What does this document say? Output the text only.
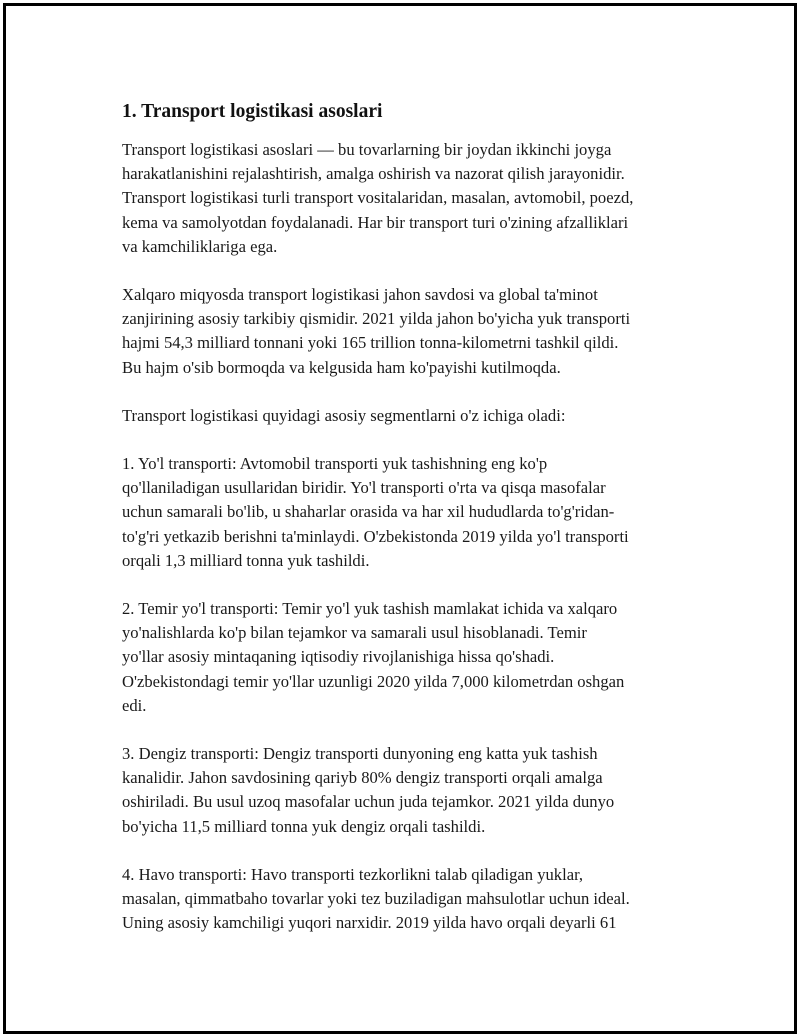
1. Transport logistikasi asoslari

Transport logistikasi asoslari — bu tovarlarning bir joydan ikkinchi joyga
harakatlanishini rejalashtirish, amalga oshirish va nazorat qilish jarayonidir.
Transport logistikasi turli transport vositalaridan, masalan, avtomobil, poezd,
kema va samolyotdan foydalanadi. Har bir transport turi o'zining afzalliklari
va kamchiliklariga ega.

Xalqaro miqyosda transport logistikasi jahon savdosi va global ta'minot
zanjirining asosiy tarkibiy qismidir. 2021 yilda jahon bo'yicha yuk transporti
hajmi 54,3 milliard tonnani yoki 165 trillion tonna-kilometrni tashkil qildi.
Bu hajm o'sib bormoqda va kelgusida ham ko'payishi kutilmoqda.

Transport logistikasi quyidagi asosiy segmentlarni o'z ichiga oladi:

1. Yo'l transporti: Avtomobil transporti yuk tashishning eng ko'p
qo'llaniladigan usullaridan biridir. Yo'l transporti o'rta va qisqa masofalar
uchun samarali bo'lib, u shaharlar orasida va har xil hududlarda to'g'ridan-
to'g'ri yetkazib berishni ta'minlaydi. O'zbekistonda 2019 yilda yo'l transporti
orqali 1,3 milliard tonna yuk tashildi.

2. Temir yo'l transporti: Temir yo'l yuk tashish mamlakat ichida va xalqaro
yo'nalishlarda ko'p bilan tejamkor va samarali usul hisoblanadi. Temir
yo'llar asosiy mintaqaning iqtisodiy rivojlanishiga hissa qo'shadi.
O'zbekistondagi temir yo'llar uzunligi 2020 yilda 7,000 kilometrdan oshgan
edi.

3. Dengiz transporti: Dengiz transporti dunyoning eng katta yuk tashish
kanalidir. Jahon savdosining qariyb 80% dengiz transporti orqali amalga
oshiriladi. Bu usul uzoq masofalar uchun juda tejamkor. 2021 yilda dunyo
bo'yicha 11,5 milliard tonna yuk dengiz orqali tashildi.

4. Havo transporti: Havo transporti tezkorlikni talab qiladigan yuklar,
masalan, qimmatbaho tovarlar yoki tez buziladigan mahsulotlar uchun ideal.
Uning asosiy kamchiligi yuqori narxidir. 2019 yilda havo orqali deyarli 61
